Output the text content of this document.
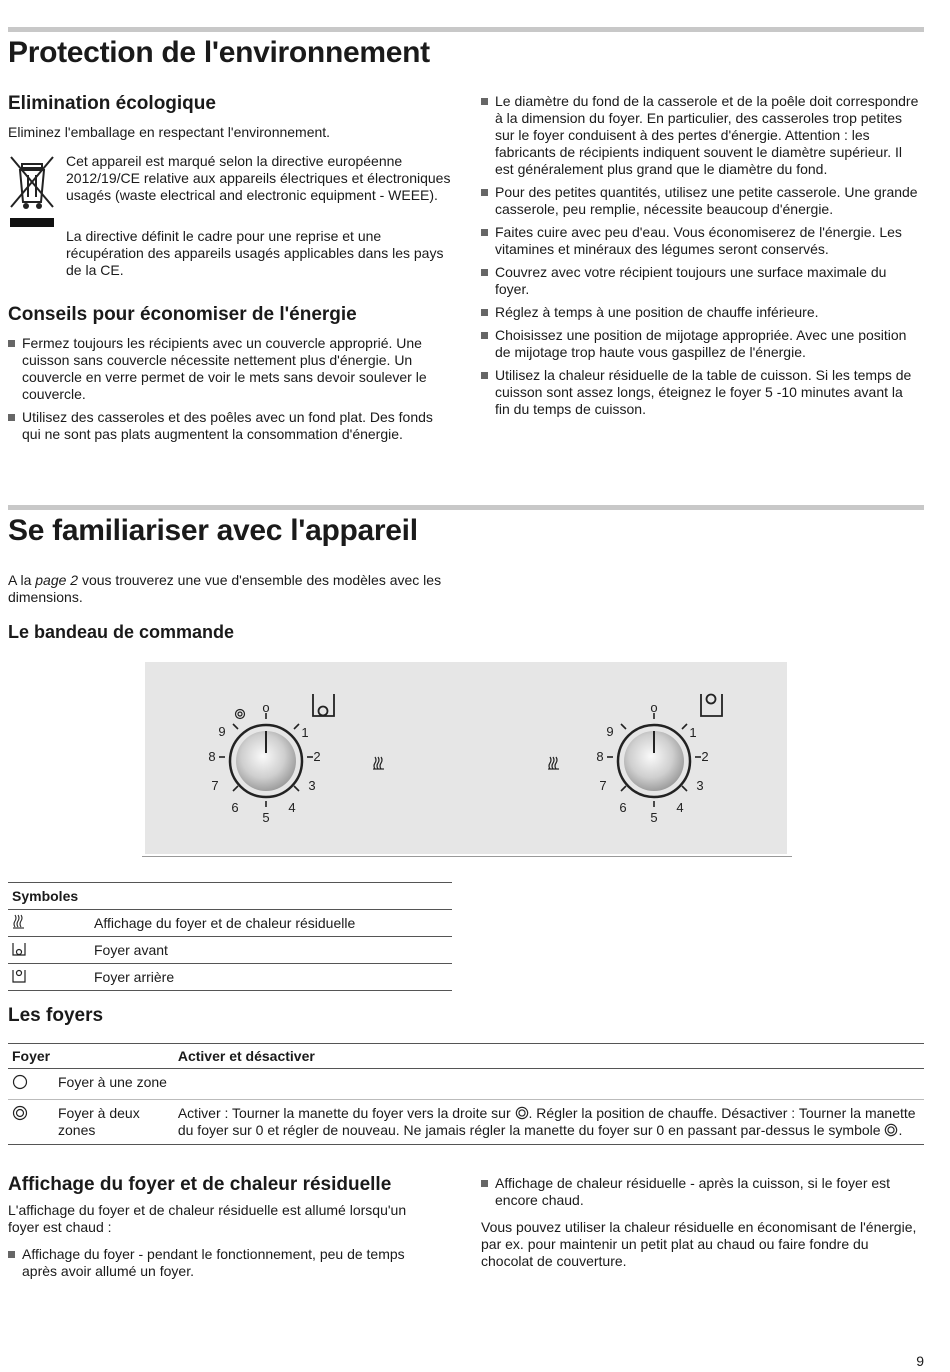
Protection de l'environnement
Elimination écologique

Eliminez l'emballage en respectant l'environnement.

Cet appareil est marqué selon la directive européenne 2012/19/CE relative aux appareils électriques et électroniques usagés (waste electrical and electronic equipment - WEEE).

La directive définit le cadre pour une reprise et une récupération des appareils usagés applicables dans les pays de la CE.

Conseils pour économiser de l'énergie
Fermez toujours les récipients avec un couvercle approprié. Une cuisson sans couvercle nécessite nettement plus d'énergie. Un couvercle en verre permet de voir le mets sans devoir soulever le couvercle.
Utilisez des casseroles et des poêles avec un fond plat. Des fonds qui ne sont pas plats augmentent la consommation d'énergie.
Le diamètre du fond de la casserole et de la poêle doit correspondre à la dimension du foyer. En particulier, des casseroles trop petites sur le foyer conduisent à des pertes d'énergie. Attention : les fabricants de récipients indiquent souvent le diamètre supérieur. Il est généralement plus grand que le diamètre du fond.
Pour des petites quantités, utilisez une petite casserole. Une grande casserole, peu remplie, nécessite beaucoup d'énergie.
Faites cuire avec peu d'eau. Vous économiserez de l'énergie. Les vitamines et minéraux des légumes seront conservés.
Couvrez avec votre récipient toujours une surface maximale du foyer.
Réglez à temps à une position de chauffe inférieure.
Choisissez une position de mijotage appropriée. Avec une position de mijotage trop haute vous gaspillez de l'énergie.
Utilisez la chaleur résiduelle de la table de cuisson. Si les temps de cuisson sont assez longs, éteignez le foyer 5 -10 minutes avant la fin du temps de cuisson.
Se familiariser avec l'appareil

A la page 2 vous trouverez une vue d'ensemble des modèles avec les dimensions.

Le bandeau de commande
o
1
2
3
4
5
6
7
8
9
o
1
2
3
4
5
6
7
8
9
Symboles	
	Affichage du foyer et de chaleur résiduelle
	Foyer avant
	Foyer arrière
Les foyers
Foyer		Activer et désactiver
	Foyer à une zone	
	Foyer à deux zones	Activer : Tourner la manette du foyer vers la droite sur . Régler la position de chauffe. Désactiver : Tourner la manette du foyer sur 0 et régler de nouveau. Ne jamais régler la manette du foyer sur 0 en passant par-dessus le symbole .
Affichage du foyer et de chaleur résiduelle

L'affichage du foyer et de chaleur résiduelle est allumé lorsqu'un foyer est chaud :

Affichage du foyer - pendant le fonctionnement, peu de temps après avoir allumé un foyer.
Affichage de chaleur résiduelle - après la cuisson, si le foyer est encore chaud.

Vous pouvez utiliser la chaleur résiduelle en économisant de l'énergie, par ex. pour maintenir un petit plat au chaud ou faire fondre du chocolat de couverture.

9
